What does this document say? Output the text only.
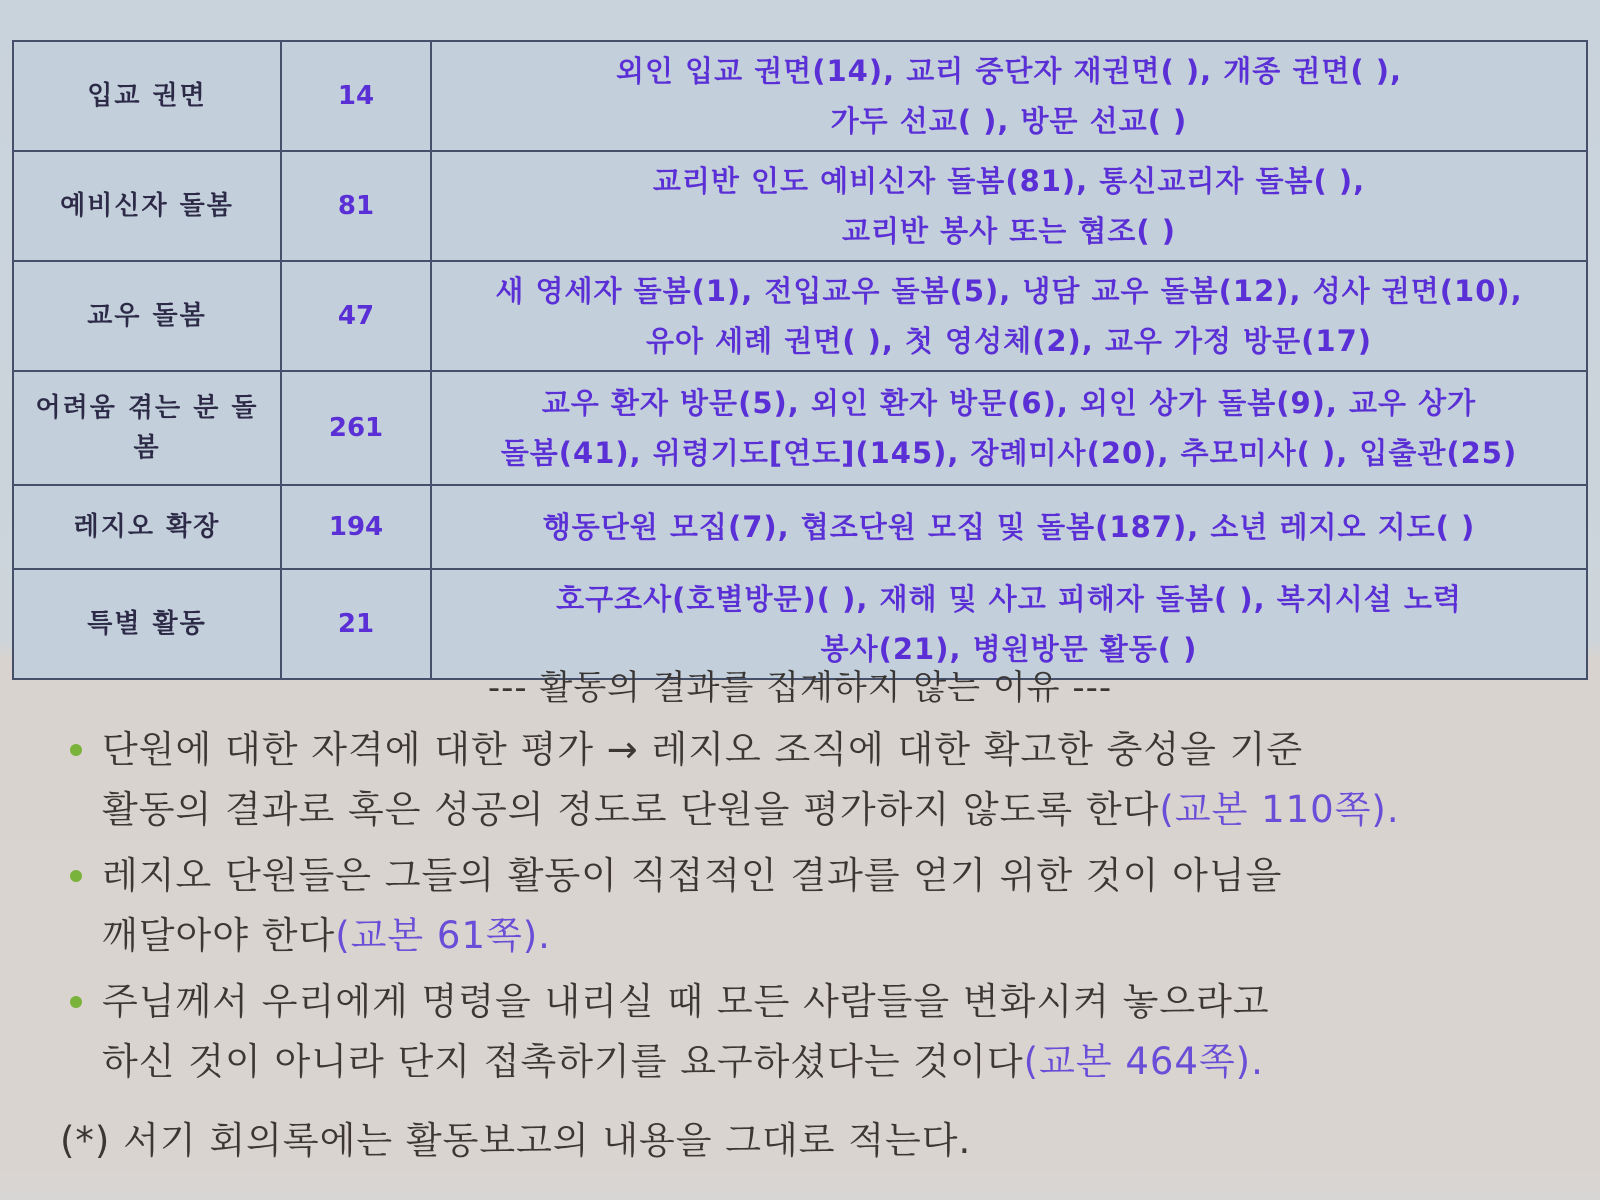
입교 권면	14	외인 입교 권면(14), 교리 중단자 재권면( ), 개종 권면( ),
가두 선교( ), 방문 선교( )

예비신자 돌봄	81	교리반 인도 예비신자 돌봄(81), 통신교리자 돌봄( ),
교리반 봉사 또는 협조( )

교우 돌봄	47	새 영세자 돌봄(1), 전입교우 돌봄(5), 냉담 교우 돌봄(12), 성사 권면(10),
유아 세례 권면( ), 첫 영성체(2), 교우 가정 방문(17)

어려움 겪는 분 돌봄	261	교우 환자 방문(5), 외인 환자 방문(6), 외인 상가 돌봄(9), 교우 상가
돌봄(41), 위령기도[연도](145), 장례미사(20), 추모미사( ), 입출관(25)

레지오 확장	194	행동단원 모집(7), 협조단원 모집 및 돌봄(187), 소년 레지오 지도( )

특별 활동	21	호구조사(호별방문)( ), 재해 및 사고 피해자 돌봄( ), 복지시설 노력
봉사(21), 병원방문 활동( )
--- 활동의 결과를 집계하지 않는 이유 ---
단원에 대한 자격에 대한 평가 → 레지오 조직에 대한 확고한 충성을 기준
활동의 결과로 혹은 성공의 정도로 단원을 평가하지 않도록 한다(교본 110쪽).
레지오 단원들은 그들의 활동이 직접적인 결과를 얻기 위한 것이 아님을
깨달아야 한다(교본 61쪽).
주님께서 우리에게 명령을 내리실 때 모든 사람들을 변화시켜 놓으라고
하신 것이 아니라 단지 접촉하기를 요구하셨다는 것이다(교본 464쪽).
(*) 서기 회의록에는 활동보고의 내용을 그대로 적는다.
